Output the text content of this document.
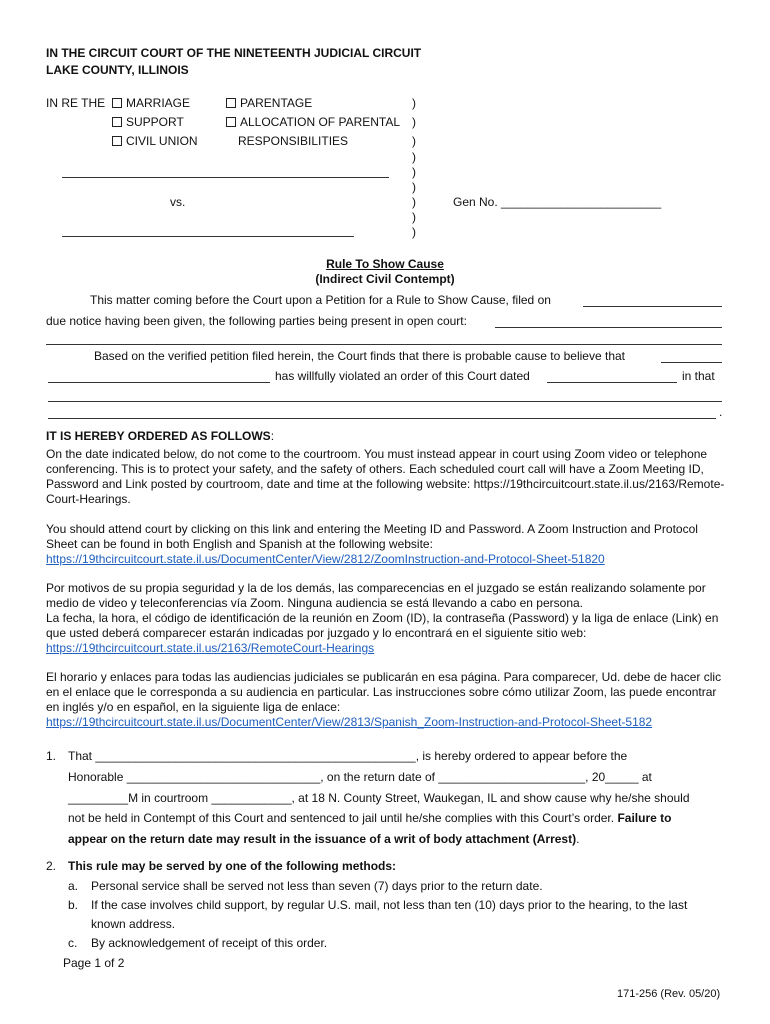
IN THE CIRCUIT COURT OF THE NINETEENTH JUDICIAL CIRCUIT
LAKE COUNTY, ILLINOIS
IN RE THE	MARRIAGE
SUPPORT
CIVIL UNION
PARENTAGE
ALLOCATION OF PARENTAL
RESPONSIBILITIES
)
)
)
)
)
)
)
)
)
vs.	Gen No. ________________________
Rule To Show Cause
(Indirect Civil Contempt)
This matter coming before the Court upon a Petition for a Rule to Show Cause, filed on
due notice having been given, the following parties being present in open court:
Based on the verified petition filed herein, the Court finds that there is probable cause to believe that
has willfully violated an order of this Court dated	in that
.
IT IS HEREBY ORDERED AS FOLLOWS:
On the date indicated below, do not come to the courtroom. You must instead appear in court using Zoom video or telephone conferencing. This is to protect your safety, and the safety of others. Each scheduled court call will have a Zoom Meeting ID, Password and Link posted by courtroom, date and time at the following website: https://19thcircuitcourt.state.il.us/2163/Remote-Court-Hearings.
You should attend court by clicking on this link and entering the Meeting ID and Password. A Zoom Instruction and Protocol Sheet can be found in both English and Spanish at the following website:
https://19thcircuitcourt.state.il.us/DocumentCenter/View/2812/ZoomInstruction-and-Protocol-Sheet-51820
Por motivos de su propia seguridad y la de los demás, las comparecencias en el juzgado se están realizando solamente por medio de video y teleconferencias vía Zoom. Ninguna audiencia se está llevando a cabo en persona.
La fecha, la hora, el código de identificación de la reunión en Zoom (ID), la contraseña (Password) y la liga de enlace (Link) en que usted deberá comparecer estarán indicadas por juzgado y lo encontrará en el siguiente sitio web:
https://19thcircuitcourt.state.il.us/2163/RemoteCourt-Hearings
El horario y enlaces para todas las audiencias judiciales se publicarán en esa página. Para comparecer, Ud. debe de hacer clic en el enlace que le corresponda a su audiencia en particular. Las instrucciones sobre cómo utilizar Zoom, las puede encontrar en inglés y/o en español, en la siguiente liga de enlace:
https://19thcircuitcourt.state.il.us/DocumentCenter/View/2813/Spanish_Zoom-Instruction-and-Protocol-Sheet-5182
1. That ________________________________________________, is hereby ordered to appear before the
Honorable _____________________________, on the return date of ______________________, 20_____ at
_________M in courtroom ____________, at 18 N. County Street, Waukegan, IL and show cause why he/she should
not be held in Contempt of this Court and sentenced to jail until he/she complies with this Court’s order. Failure to
appear on the return date may result in the issuance of a writ of body attachment (Arrest).
2. This rule may be served by one of the following methods:
a. Personal service shall be served not less than seven (7) days prior to the return date.
b. If the case involves child support, by regular U.S. mail, not less than ten (10) days prior to the hearing, to the last
known address.
c. By acknowledgement of receipt of this order.
Page 1 of 2
171-256 (Rev. 05/20)
